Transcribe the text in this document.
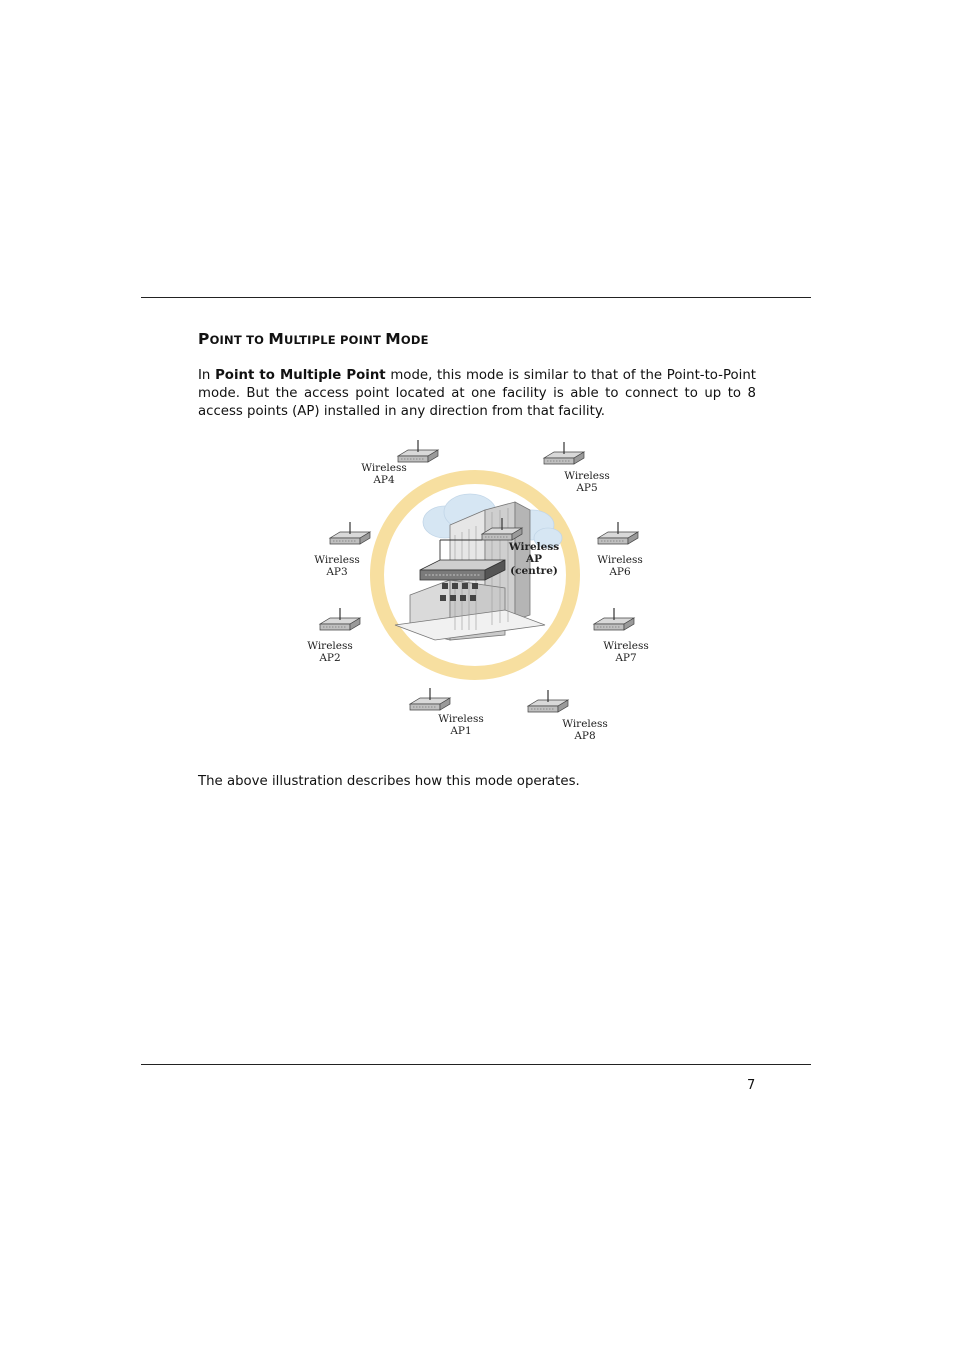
POINT TO MULTIPLE POINT MODE

In Point to Multiple Point mode, this mode is similar to that of the Point-to-Point mode. But the access point located at one facility is able to connect to up to 8 access points (AP) installed in any direction from that facility.

Wireless
AP
(centre)
Wireless
AP4	Wireless
AP5
Wireless
AP3
Wireless
AP6
Wireless
AP2
Wireless
AP7
Wireless
AP1
Wireless
AP8

The above illustration describes how this mode operates.

7
